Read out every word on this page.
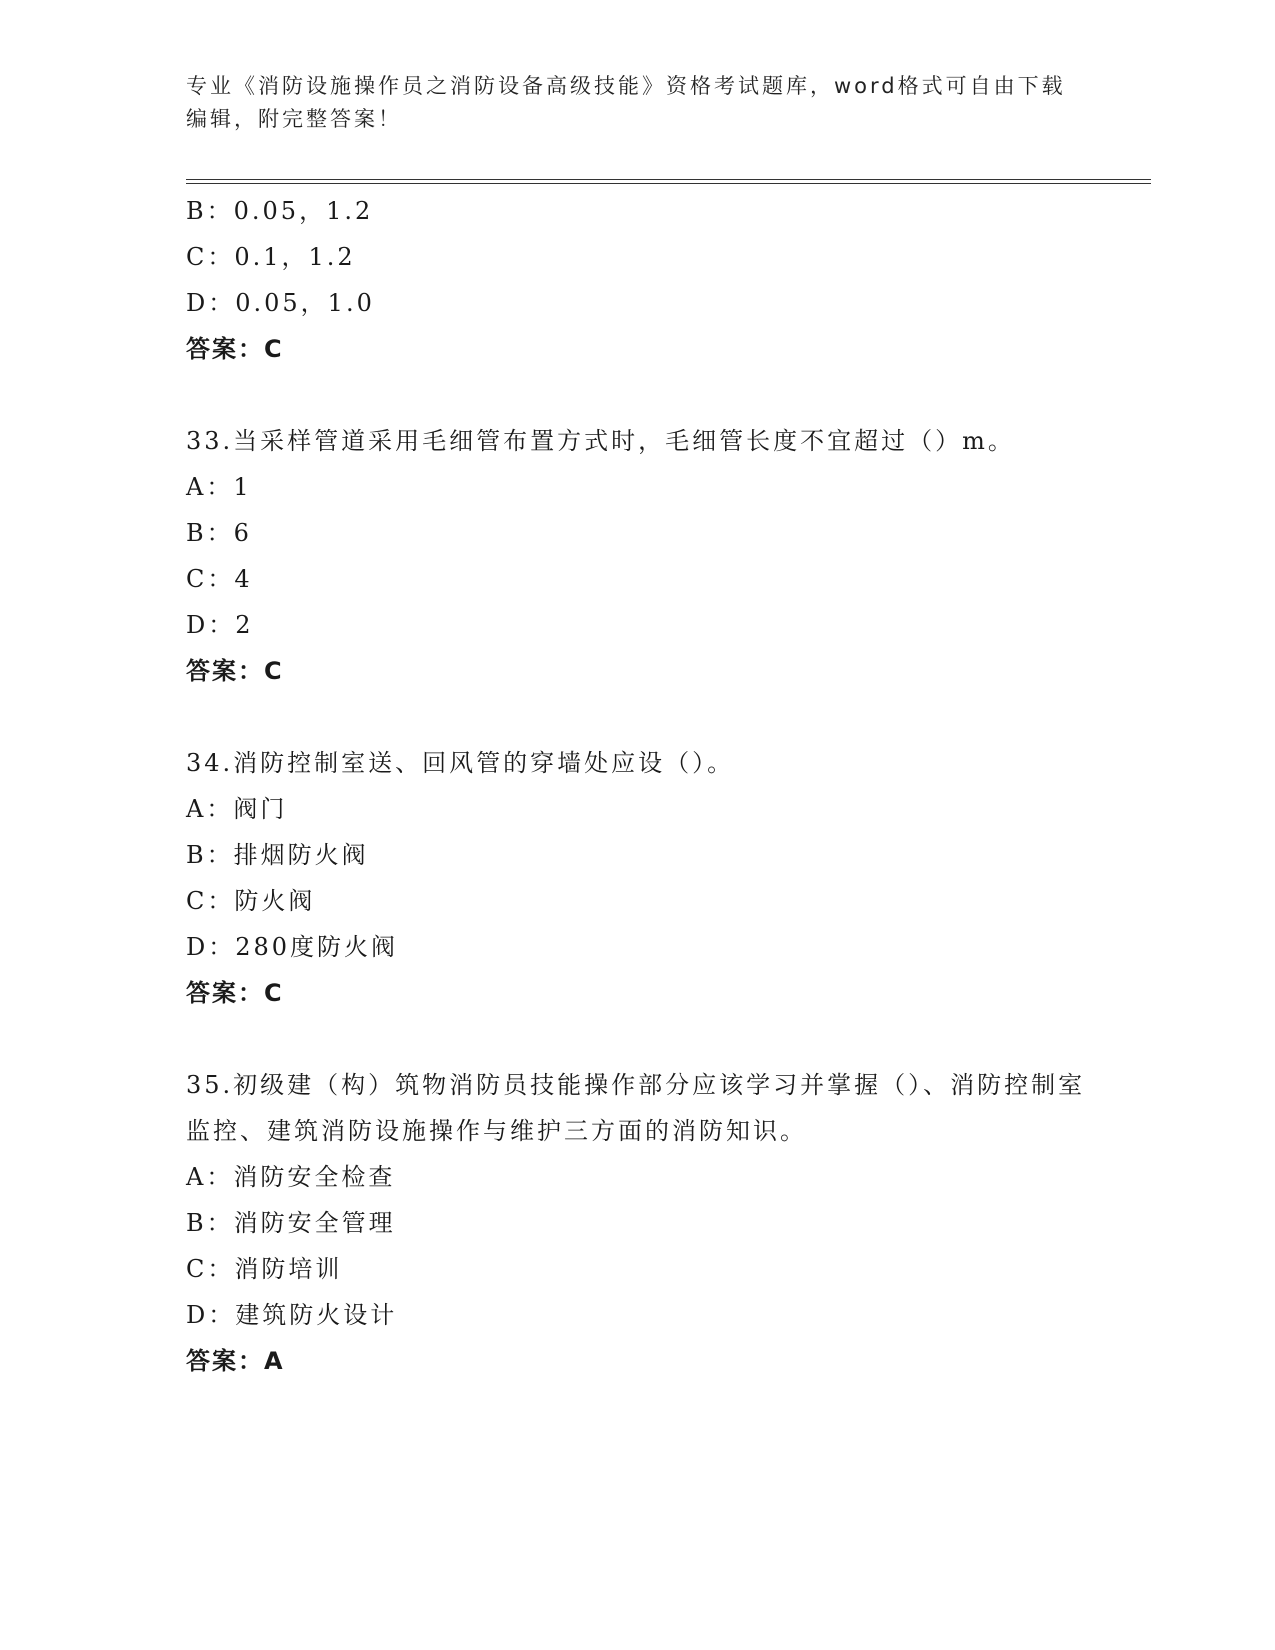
专业《消防设施操作员之消防设备高级技能》资格考试题库，word格式可自由下载编辑，附完整答案！
B：0.05，1.2
C：0.1，1.2
D：0.05，1.0
答案：C
33.当采样管道采用毛细管布置方式时，毛细管长度不宜超过（）m。
A：1
B：6
C：4
D：2
答案：C
34.消防控制室送、回风管的穿墙处应设（）。
A：阀门
B：排烟防火阀
C：防火阀
D：280度防火阀
答案：C
35.初级建（构）筑物消防员技能操作部分应该学习并掌握（）、消防控制室监控、建筑消防设施操作与维护三方面的消防知识。
A：消防安全检查
B：消防安全管理
C：消防培训
D：建筑防火设计
答案：A
